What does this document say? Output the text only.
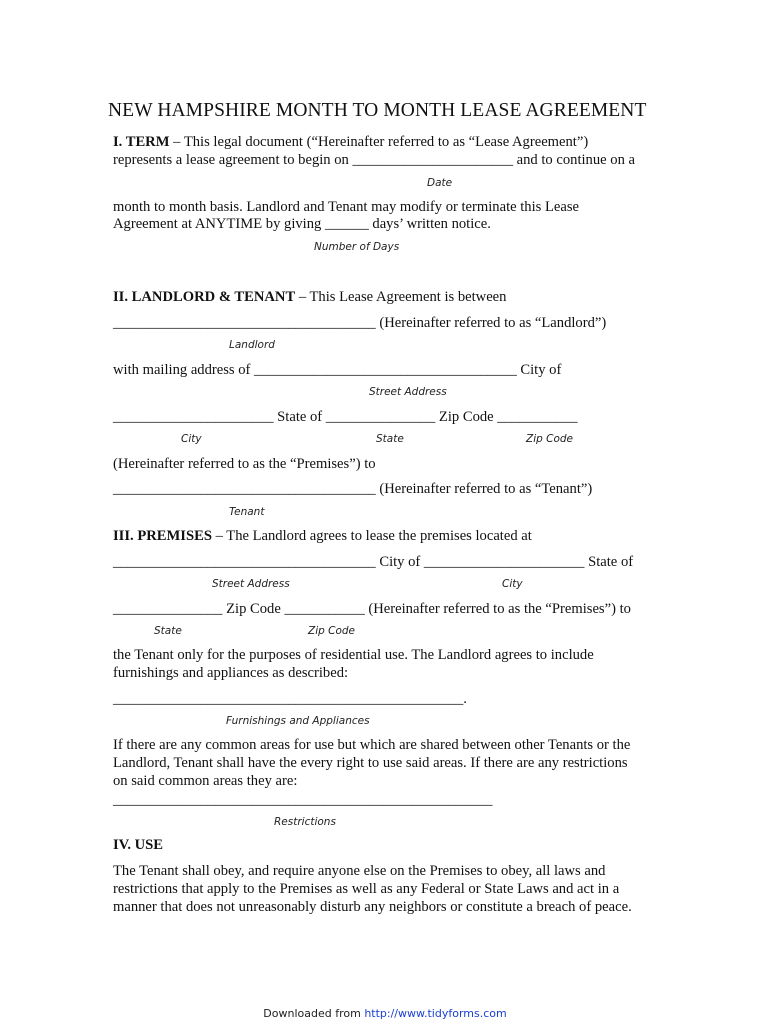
NEW HAMPSHIRE MONTH TO MONTH LEASE AGREEMENT
I. TERM – This legal document (“Hereinafter referred to as “Lease Agreement”)
represents a lease agreement to begin on ______________________ and to continue on a
Date
month to month basis. Landlord and Tenant may modify or terminate this Lease
Agreement at ANYTIME by giving ______ days’ written notice.
Number of Days
II. LANDLORD & TENANT – This Lease Agreement is between
____________________________________ (Hereinafter referred to as “Landlord”)
Landlord
with mailing address of ____________________________________ City of
Street Address
______________________ State of _______________ Zip Code ___________
City	State	Zip Code
(Hereinafter referred to as the “Premises”) to
____________________________________ (Hereinafter referred to as “Tenant”)
Tenant
III. PREMISES – The Landlord agrees to lease the premises located at
____________________________________ City of ______________________ State of
Street Address	City
_______________ Zip Code ___________ (Hereinafter referred to as the “Premises”) to
State	Zip Code
the Tenant only for the purposes of residential use. The Landlord agrees to include
furnishings and appliances as described:
________________________________________________.
Furnishings and Appliances
If there are any common areas for use but which are shared between other Tenants or the
Landlord, Tenant shall have the every right to use said areas. If there are any restrictions
on said common areas they are:
____________________________________________________
Restrictions
IV. USE
The Tenant shall obey, and require anyone else on the Premises to obey, all laws and
restrictions that apply to the Premises as well as any Federal or State Laws and act in a
manner that does not unreasonably disturb any neighbors or constitute a breach of peace.
Downloaded from http://www.tidyforms.com
